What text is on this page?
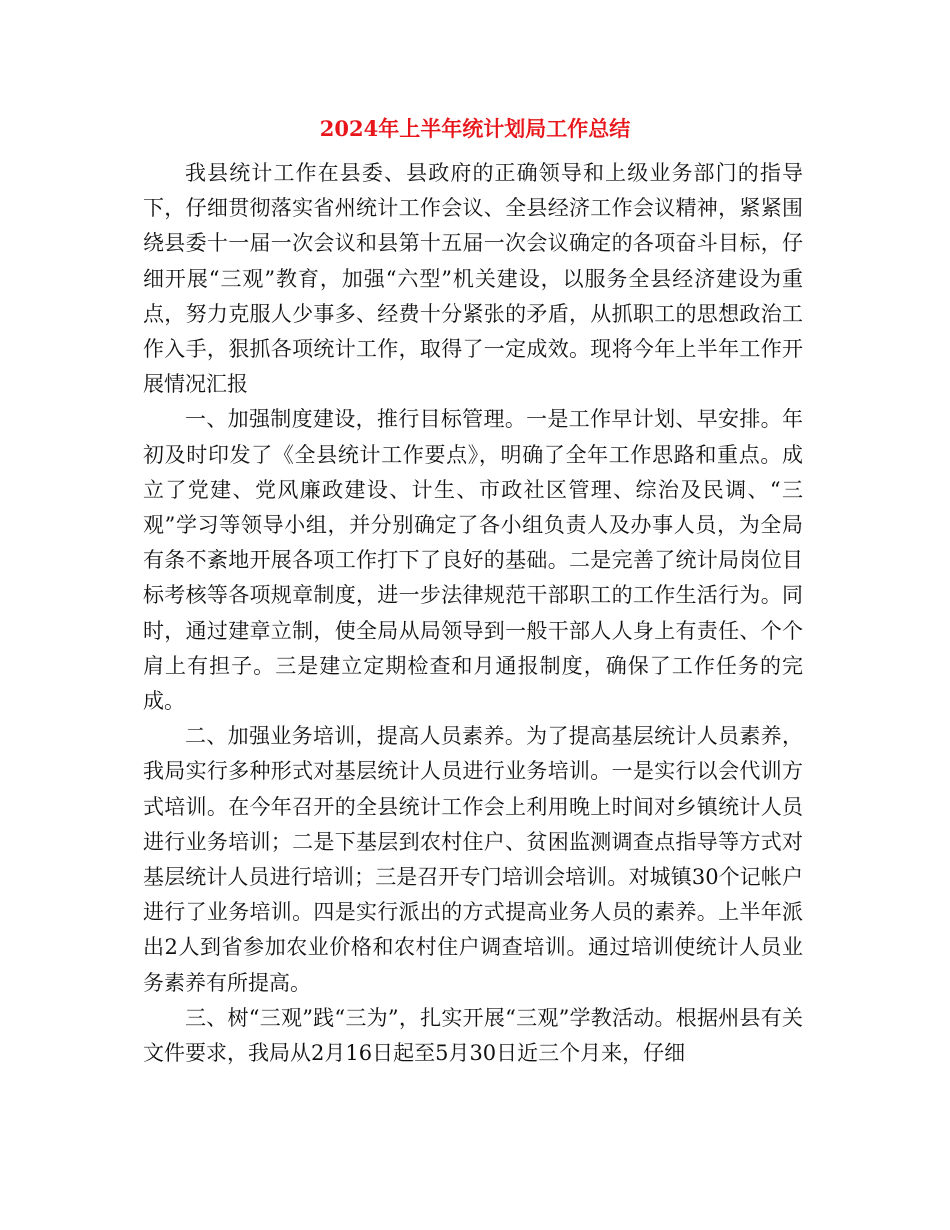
2024年上半年统计划局工作总结

我县统计工作在县委、县政府的正确领导和上级业务部门的指导下，仔细贯彻落实省州统计工作会议、全县经济工作会议精神，紧紧围绕县委十一届一次会议和县第十五届一次会议确定的各项奋斗目标，仔细开展“三观”教育，加强“六型”机关建设，以服务全县经济建设为重点，努力克服人少事多、经费十分紧张的矛盾，从抓职工的思想政治工作入手，狠抓各项统计工作，取得了一定成效。现将今年上半年工作开展情况汇报

一、加强制度建设，推行目标管理。一是工作早计划、早安排。年初及时印发了《全县统计工作要点》，明确了全年工作思路和重点。成立了党建、党风廉政建设、计生、市政社区管理、综治及民调、“三观”学习等领导小组，并分别确定了各小组负责人及办事人员，为全局有条不紊地开展各项工作打下了良好的基础。二是完善了统计局岗位目标考核等各项规章制度，进一步法律规范干部职工的工作生活行为。同时，通过建章立制，使全局从局领导到一般干部人人身上有责任、个个肩上有担子。三是建立定期检查和月通报制度，确保了工作任务的完成。

二、加强业务培训，提高人员素养。为了提高基层统计人员素养，我局实行多种形式对基层统计人员进行业务培训。一是实行以会代训方式培训。在今年召开的全县统计工作会上利用晚上时间对乡镇统计人员进行业务培训；二是下基层到农村住户、贫困监测调查点指导等方式对基层统计人员进行培训；三是召开专门培训会培训。对城镇30个记帐户进行了业务培训。四是实行派出的方式提高业务人员的素养。上半年派出2人到省参加农业价格和农村住户调查培训。通过培训使统计人员业务素养有所提高。

三、树“三观”践“三为”，扎实开展“三观”学教活动。根据州县有关文件要求，我局从2月16日起至5月30日近三个月来，仔细
